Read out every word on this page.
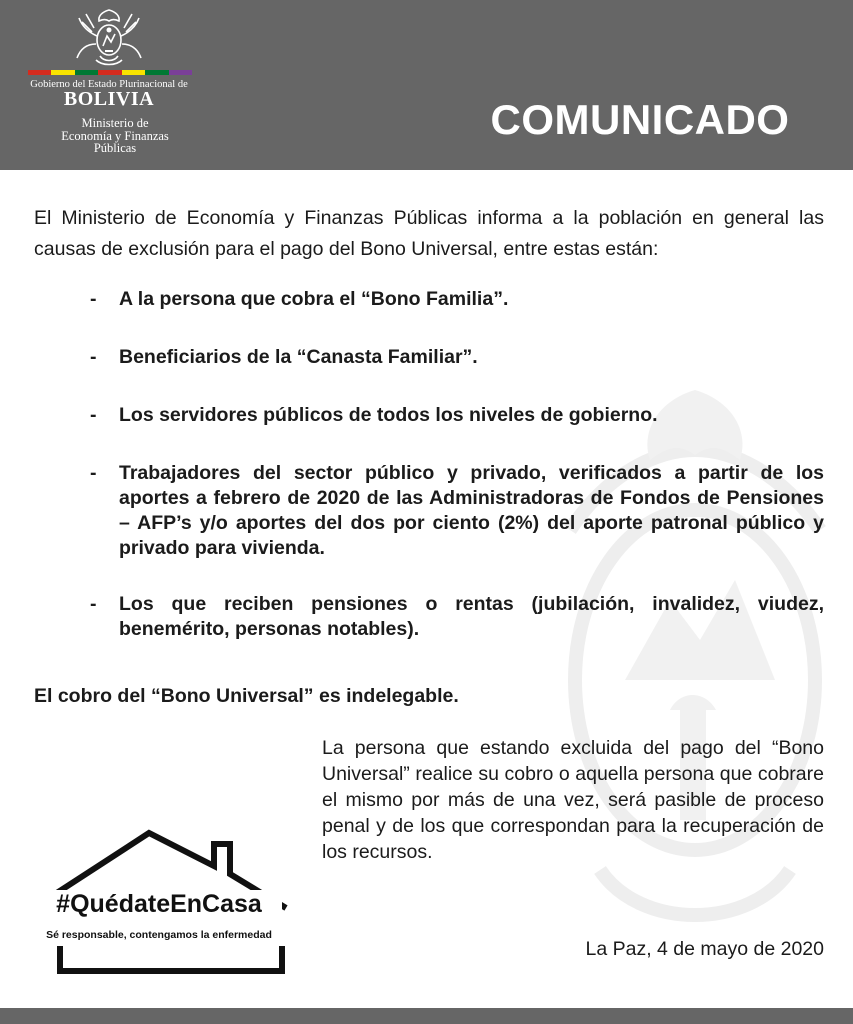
Gobierno del Estado Plurinacional de
BOLIVIA
Ministerio de
Economía y Finanzas
Públicas
COMUNICADO
El Ministerio de Economía y Finanzas Públicas informa a la población en general las causas de exclusión para el pago del Bono Universal, entre estas están:
- A la persona que cobra el “Bono Familia”.
- Beneficiarios de la “Canasta Familiar”.
- Los servidores públicos de todos los niveles de gobierno.
- Trabajadores del sector público y privado, verificados a partir de los aportes a febrero de 2020 de las Administradoras de Fondos de Pensiones – AFP’s y/o aportes del dos por ciento (2%) del aporte patronal público y privado para vivienda.
- Los que reciben pensiones o rentas (jubilación, invalidez, viudez, benemérito, personas notables).
El cobro del “Bono Universal” es indelegable.
La persona que estando excluida del pago del “Bono Universal” realice su cobro o aquella persona que cobrare el mismo por más de una vez, será pasible de proceso penal y de los que correspondan para la recuperación de los recursos.
#QuédateEnCasa
Sé responsable, contengamos la enfermedad
La Paz, 4 de mayo de 2020
